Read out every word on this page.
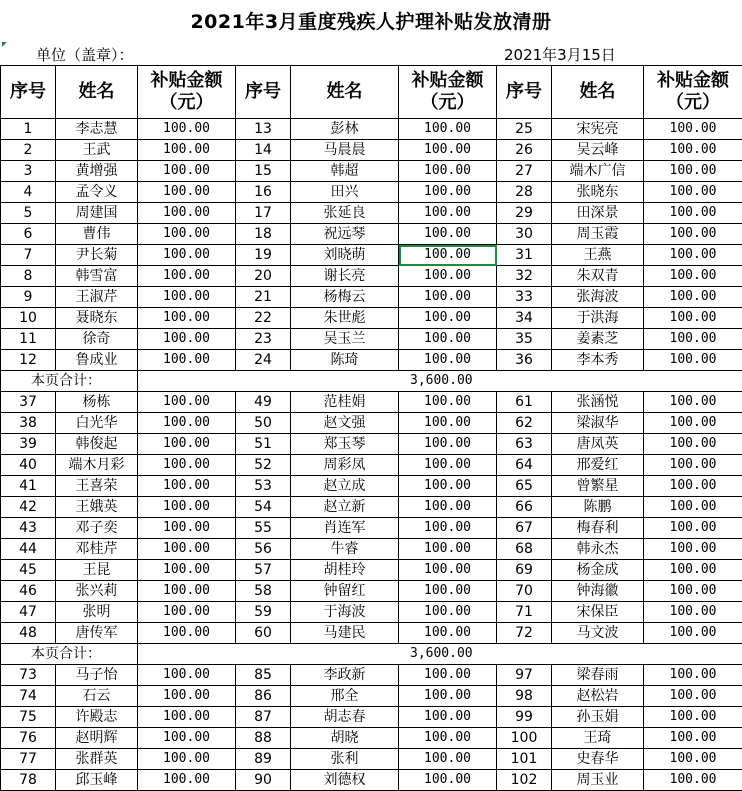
2021年3月重度残疾人护理补贴发放清册
单位（盖章）：	2021年3月15日
序号	姓名	补贴金额（元）	序号	姓名	补贴金额（元）	序号	姓名	补贴金额（元）
1	李志慧	100.00	13	彭林	100.00	25	宋宪亮	100.00
2	王武	100.00	14	马晨晨	100.00	26	吴云峰	100.00
3	黄增强	100.00	15	韩超	100.00	27	端木广信	100.00
4	孟令义	100.00	16	田兴	100.00	28	张晓东	100.00
5	周建国	100.00	17	张延良	100.00	29	田深景	100.00
6	曹伟	100.00	18	祝远琴	100.00	30	周玉霞	100.00
7	尹长菊	100.00	19	刘晓萌	100.00	31	王燕	100.00
8	韩雪富	100.00	20	谢长亮	100.00	32	朱双青	100.00
9	王淑芹	100.00	21	杨梅云	100.00	33	张海波	100.00
10	聂晓东	100.00	22	朱世彪	100.00	34	于洪海	100.00
11	徐奇	100.00	23	吴玉兰	100.00	35	姜素芝	100.00
12	鲁成业	100.00	24	陈琦	100.00	36	李本秀	100.00
本页合计：		3,600.00						
37	杨栋	100.00	49	范桂娟	100.00	61	张涵悦	100.00
38	白光华	100.00	50	赵文强	100.00	62	梁淑华	100.00
39	韩俊起	100.00	51	郑玉琴	100.00	63	唐凤英	100.00
40	端木月彩	100.00	52	周彩凤	100.00	64	邢爱红	100.00
41	王喜荣	100.00	53	赵立成	100.00	65	曾繁星	100.00
42	王娥英	100.00	54	赵立新	100.00	66	陈鹏	100.00
43	邓子奕	100.00	55	肖连军	100.00	67	梅春利	100.00
44	邓桂芹	100.00	56	牛睿	100.00	68	韩永杰	100.00
45	王昆	100.00	57	胡桂玲	100.00	69	杨金成	100.00
46	张兴莉	100.00	58	钟留红	100.00	70	钟海徽	100.00
47	张明	100.00	59	于海波	100.00	71	宋保臣	100.00
48	唐传军	100.00	60	马建民	100.00	72	马文波	100.00
本页合计：		3,600.00						
73	马子怡	100.00	85	李政新	100.00	97	梁春雨	100.00
74	石云	100.00	86	邢全	100.00	98	赵松岩	100.00
75	许殿志	100.00	87	胡志春	100.00	99	孙玉娟	100.00
76	赵明辉	100.00	88	胡晓	100.00	100	王琦	100.00
77	张群英	100.00	89	张利	100.00	101	史春华	100.00
78	邱玉峰	100.00	90	刘德权	100.00	102	周玉业	100.00
